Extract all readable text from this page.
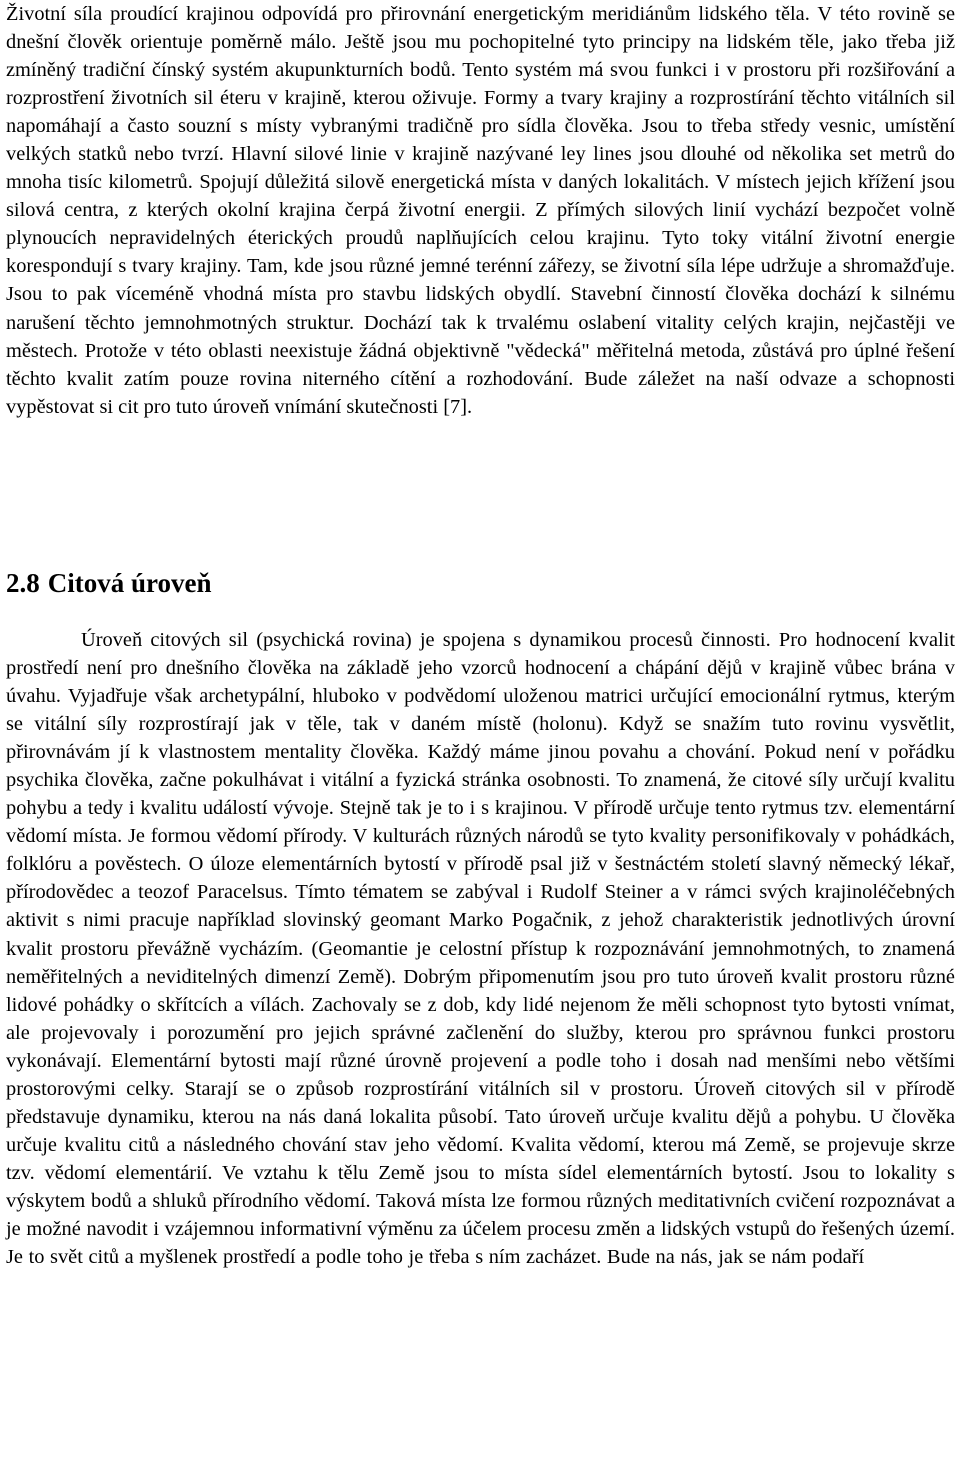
Životní síla proudící krajinou odpovídá pro přirovnání energetickým meridiánům lidského těla. V této rovině se dnešní člověk orientuje poměrně málo. Ještě jsou mu pochopitelné tyto principy na lidském těle, jako třeba již zmíněný tradiční čínský systém akupunkturních bodů. Tento systém má svou funkci i v prostoru při rozšiřování a rozprostření životních sil éteru v krajině, kterou oživuje. Formy a tvary krajiny a rozprostírání těchto vitálních sil napomáhají a často souzní s místy vybranými tradičně pro sídla člověka. Jsou to třeba středy vesnic, umístění velkých statků nebo tvrzí. Hlavní silové linie v krajině nazývané ley lines jsou dlouhé od několika set metrů do mnoha tisíc kilometrů. Spojují důležitá silově energetická místa v daných lokalitách. V místech jejich křížení jsou silová centra, z kterých okolní krajina čerpá životní energii. Z přímých silových linií vychází bezpočet volně plynoucích nepravidelných éterických proudů naplňujících celou krajinu. Tyto toky vitální životní energie korespondují s tvary krajiny. Tam, kde jsou různé jemné terénní zářezy, se životní síla lépe udržuje a shromažďuje. Jsou to pak víceméně vhodná místa pro stavbu lidských obydlí. Stavební činností člověka dochází k silnému narušení těchto jemnohmotných struktur. Dochází tak k trvalému oslabení vitality celých krajin, nejčastěji ve městech. Protože v této oblasti neexistuje žádná objektivně "vědecká" měřitelná metoda, zůstává pro úplné řešení těchto kvalit zatím pouze rovina niterného cítění a rozhodování. Bude záležet na naší odvaze a schopnosti vypěstovat si cit pro tuto úroveň vnímání skutečnosti [7].

2.8 Citová úroveň

Úroveň citových sil (psychická rovina) je spojena s dynamikou procesů činnosti. Pro hodnocení kvalit prostředí není pro dnešního člověka na základě jeho vzorců hodnocení a chápání dějů v krajině vůbec brána v úvahu. Vyjadřuje však archetypální, hluboko v podvědomí uloženou matrici určující emocionální rytmus, kterým se vitální síly rozprostírají jak v těle, tak v daném místě (holonu). Když se snažím tuto rovinu vysvětlit, přirovnávám jí k vlastnostem mentality člověka. Každý máme jinou povahu a chování. Pokud není v pořádku psychika člověka, začne pokulhávat i vitální a fyzická stránka osobnosti. To znamená, že citové síly určují kvalitu pohybu a tedy i kvalitu událostí vývoje. Stejně tak je to i s krajinou. V přírodě určuje tento rytmus tzv. elementární vědomí místa. Je formou vědomí přírody. V kulturách různých národů se tyto kvality personifikovaly v pohádkách, folklóru a pověstech. O úloze elementárních bytostí v přírodě psal již v šestnáctém století slavný německý lékař, přírodovědec a teozof Paracelsus. Tímto tématem se zabýval i Rudolf Steiner a v rámci svých krajinoléčebných aktivit s nimi pracuje například slovinský geomant Marko Pogačnik, z jehož charakteristik jednotlivých úrovní kvalit prostoru převážně vycházím. (Geomantie je celostní přístup k rozpoznávání jemnohmotných, to znamená neměřitelných a neviditelných dimenzí Země). Dobrým připomenutím jsou pro tuto úroveň kvalit prostoru různé lidové pohádky o skřítcích a vílách. Zachovaly se z dob, kdy lidé nejenom že měli schopnost tyto bytosti vnímat, ale projevovaly i porozumění pro jejich správné začlenění do služby, kterou pro správnou funkci prostoru vykonávají. Elementární bytosti mají různé úrovně projevení a podle toho i dosah nad menšími nebo většími prostorovými celky. Starají se o způsob rozprostírání vitálních sil v prostoru. Úroveň citových sil v přírodě představuje dynamiku, kterou na nás daná lokalita působí. Tato úroveň určuje kvalitu dějů a pohybu. U člověka určuje kvalitu citů a následného chování stav jeho vědomí. Kvalita vědomí, kterou má Země, se projevuje skrze tzv. vědomí elementárií. Ve vztahu k tělu Země jsou to místa sídel elementárních bytostí. Jsou to lokality s výskytem bodů a shluků přírodního vědomí. Taková místa lze formou různých meditativních cvičení rozpoznávat a je možné navodit i vzájemnou informativní výměnu za účelem procesu změn a lidských vstupů do řešených území. Je to svět citů a myšlenek prostředí a podle toho je třeba s ním zacházet. Bude na nás, jak se nám podaří
